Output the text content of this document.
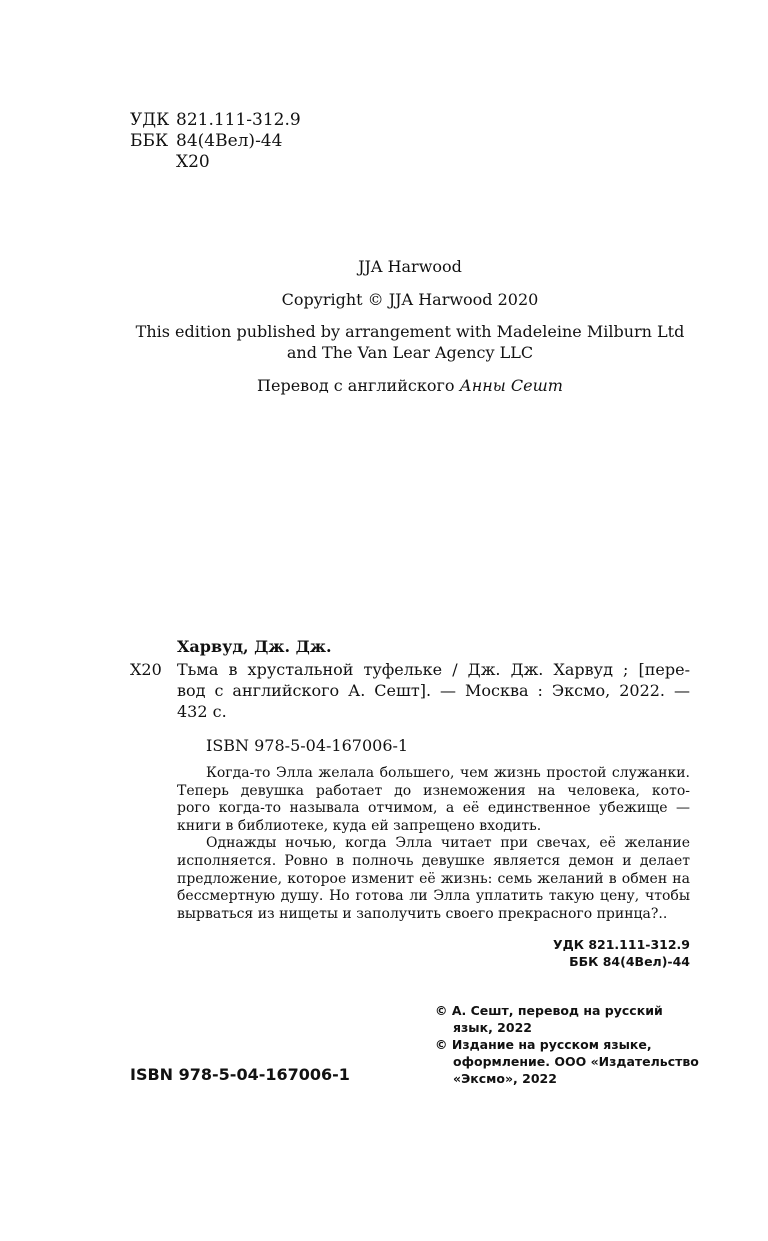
УДК 821.111-312.9
ББК 84(4Вел)-44
Х20
JJA Harwood
Copyright © JJA Harwood 2020
This edition published by arrangement with Madeleine Milburn Ltd
and The Van Lear Agency LLC
Перевод с английского Анны Сешт
Харвуд, Дж. Дж.
Х20 Тьма в хрустальной туфельке / Дж. Дж. Харвуд ; [пере-
вод с английского А. Сешт]. — Москва : Эксмо, 2022. —
432 с.
ISBN 978-5-04-167006-1
Когда-то Элла желала большего, чем жизнь простой служанки.
Теперь девушка работает до изнеможения на человека, кото-
рого когда-то называла отчимом, а её единственное убежище —
книги в библиотеке, куда ей запрещено входить.
Однажды ночью, когда Элла читает при свечах, её желание
исполняется. Ровно в полночь девушке является демон и делает
предложение, которое изменит её жизнь: семь желаний в обмен на
бессмертную душу. Но готова ли Элла уплатить такую цену, чтобы
вырваться из нищеты и заполучить своего прекрасного принца?..
УДК 821.111-312.9
ББК 84(4Вел)-44
ISBN 978-5-04-167006-1
© А. Сешт, перевод на русский
язык, 2022
© Издание на русском языке,
оформление. ООО «Издательство
«Эксмо», 2022
